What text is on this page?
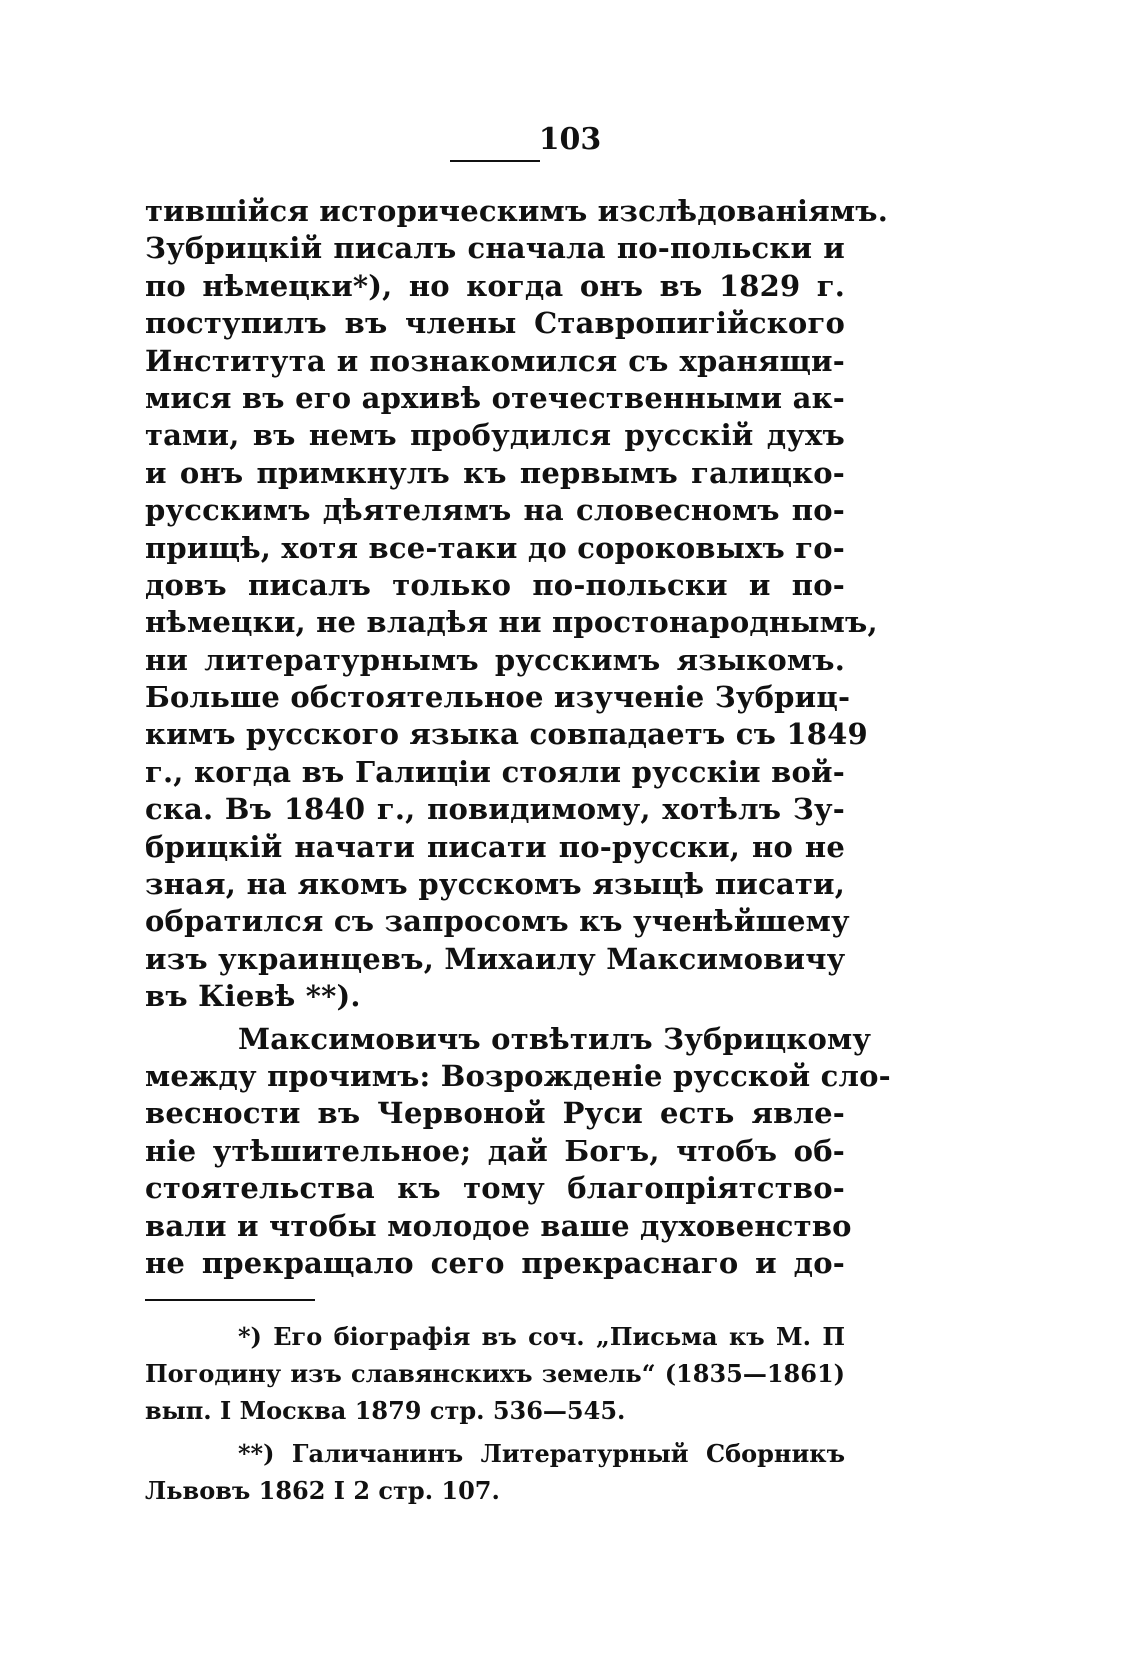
103
тившійся историческимъ изслѣдованіямъ.
Зубрицкій писалъ сначала по-польски и
по нѣмецки*), но когда онъ въ 1829 г.
поступилъ въ члены Ставропигійского
Института и познакомился съ хранящи-
мися въ его архивѣ отечественными ак-
тами, въ немъ пробудился русскій духъ
и онъ примкнулъ къ первымъ галицко-
русскимъ дѣятелямъ на словесномъ по-
прищѣ, хотя все-таки до сороковыхъ го-
довъ писалъ только по-польски и по-
нѣмецки, не владѣя ни простонароднымъ,
ни литературнымъ русскимъ языкомъ.
Больше обстоятельное изученіе Зубриц-
кимъ русского языка совпадаетъ съ 1849
г., когда въ Галиціи стояли русскіи вой-
ска. Въ 1840 г., повидимому, хотѣлъ Зу-
брицкій начати писати по-русски, но не
зная, на якомъ русскомъ языцѣ писати,
обратился съ запросомъ къ ученѣйшему
изъ украинцевъ, Михаилу Максимовичу
въ Кіевѣ **).
Максимовичъ отвѣтилъ Зубрицкому
между прочимъ: Возрожденіе русской сло-
весности въ Червоной Руси есть явле-
ніе утѣшительное; дай Богъ, чтобъ об-
стоятельства къ тому благопріятство-
вали и чтобы молодое ваше духовенство
не прекращало сего прекраснаго и до-
*) Его біографія въ соч. „Письма къ М. П
Погодину изъ славянскихъ земель“ (1835—1861)
вып. I Москва 1879 стр. 536—545.
**) Галичанинъ Литературный Сборникъ
Львовъ 1862 I 2 стр. 107.
